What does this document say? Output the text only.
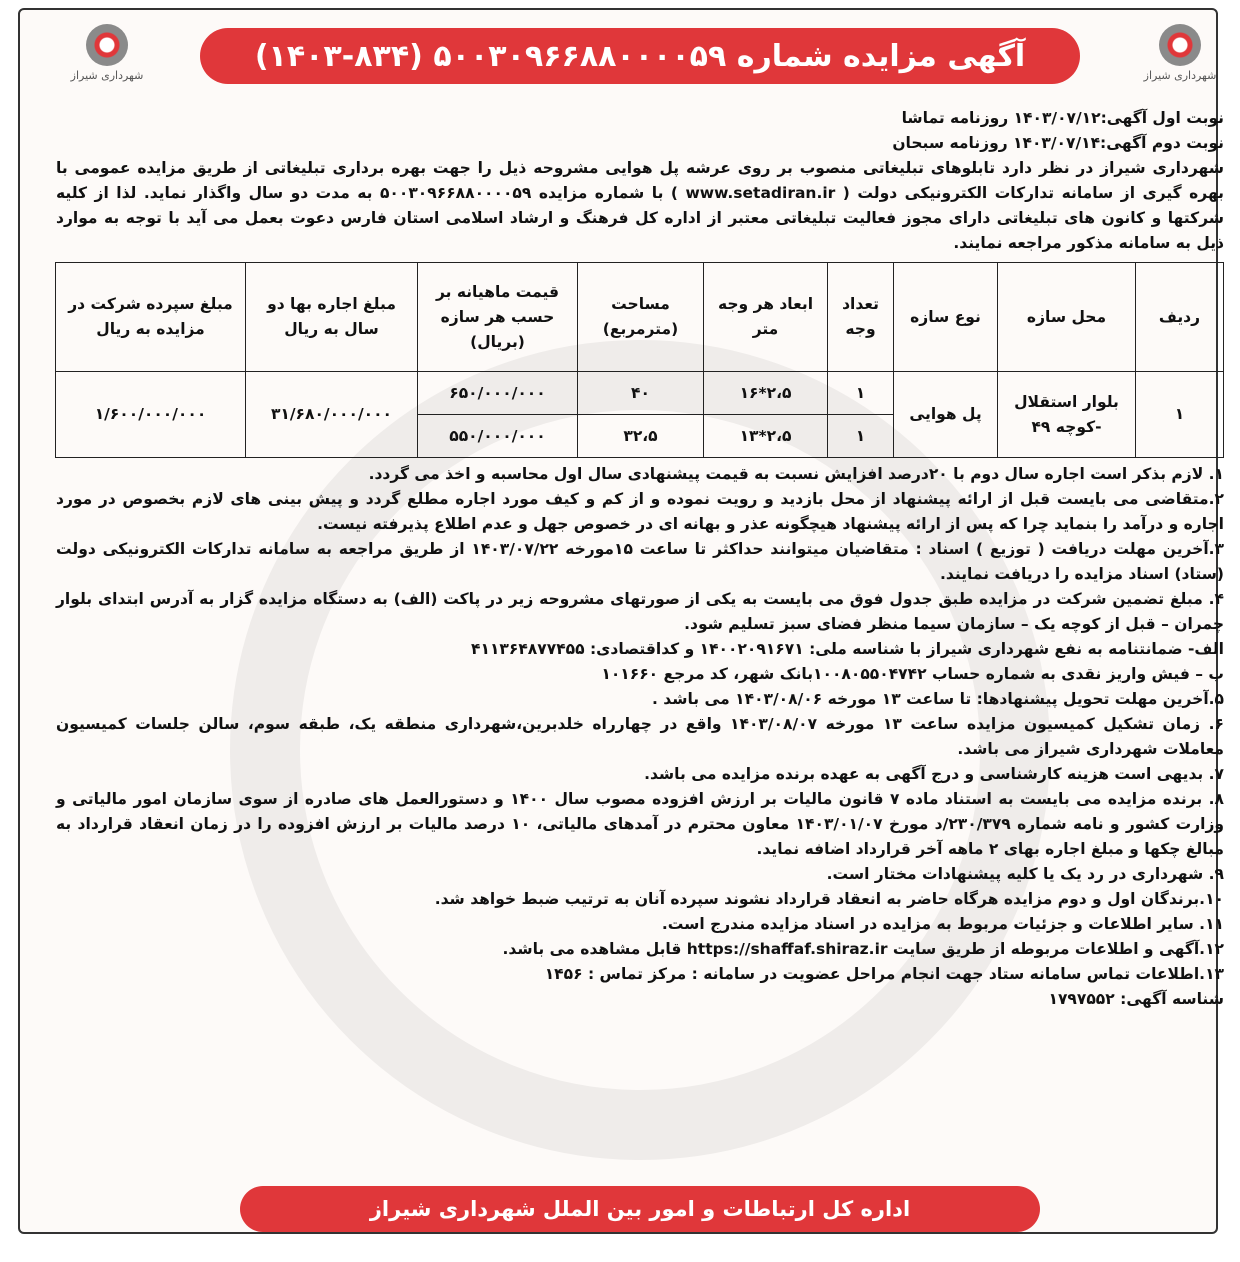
شهرداری شیراز
شهرداری شیراز
آگهی مزایده شماره ۵۰۰۳۰۹۶۶۸۸۰۰۰۰۵۹ (۸۳۴-۱۴۰۳)

نوبت اول آگهی:۱۴۰۳/۰۷/۱۲ روزنامه تماشا

نوبت دوم آگهی:۱۴۰۳/۰۷/۱۴ روزنامه سبحان

شهرداری شیراز در نظر دارد تابلوهای تبلیغاتی منصوب بر روی عرشه پل هوایی مشروحه ذیل را جهت بهره برداری تبلیغاتی از طریق مزایده عمومی با بهره گیری از سامانه تدارکات الکترونیکی دولت ( www.setadiran.ir ) با شماره مزایده ۵۰۰۳۰۹۶۶۸۸۰۰۰۰۵۹ به مدت دو سال واگذار نماید. لذا از کلیه شرکتها و کانون های تبلیغاتی دارای مجوز فعالیت تبلیغاتی معتبر از اداره کل فرهنگ و ارشاد اسلامی استان فارس دعوت بعمل می آید با توجه به موارد ذیل به سامانه مذکور مراجعه نمایند.

ردیف	محل سازه	نوع سازه	تعداد وجه	ابعاد هر وجه متر	مساحت (مترمربع)	قیمت ماهیانه بر حسب هر سازه (بریال)	مبلغ اجاره بها دو سال به ریال	مبلغ سپرده شرکت در مزایده به ریال
۱	بلوار استقلال -کوچه ۴۹	پل هوایی	۱	۲،۵*۱۶	۴۰	۶۵۰/۰۰۰/۰۰۰	۳۱/۶۸۰/۰۰۰/۰۰۰	۱/۶۰۰/۰۰۰/۰۰۰
			۱	۲،۵*۱۳	۳۲،۵	۵۵۰/۰۰۰/۰۰۰		

۱. لازم بذکر است اجاره سال دوم با ۲۰درصد افزایش نسبت به قیمت پیشنهادی سال اول محاسبه و اخذ می گردد.

۲.متقاضی می بایست قبل از ارائه پیشنهاد از محل بازدید و رویت نموده و از کم و کیف مورد اجاره مطلع گردد و پیش بینی های لازم بخصوص در مورد اجاره و درآمد را بنماید چرا که پس از ارائه پیشنهاد هیچگونه عذر و بهانه ای در خصوص جهل و عدم اطلاع پذیرفته نیست.

۳.آخرین مهلت دریافت ( توزیع ) اسناد : متقاضیان میتوانند حداکثر تا ساعت ۱۵مورخه ۱۴۰۳/۰۷/۲۲ از طریق مراجعه به سامانه تدارکات الکترونیکی دولت (ستاد) اسناد مزایده را دریافت نمایند.

۴. مبلغ تضمین شرکت در مزایده طبق جدول فوق می بایست به یکی از صورتهای مشروحه زیر در پاکت (الف) به دستگاه مزایده گزار به آدرس ابتدای بلوار چمران – قبل از کوچه یک – سازمان سیما منظر فضای سبز تسلیم شود.

الف- ضمانتنامه به نفع شهرداری شیراز با شناسه ملی: ۱۴۰۰۲۰۹۱۶۷۱ و کداقتصادی: ۴۱۱۳۶۴۸۷۷۴۵۵

ب – فیش واریز نقدی به شماره حساب ۱۰۰۸۰۵۵۰۴۷۴۲بانک شهر، کد مرجع ۱۰۱۶۶۰

۵.آخرین مهلت تحویل پیشنهادها: تا ساعت ۱۳ مورخه ۱۴۰۳/۰۸/۰۶ می باشد .

۶. زمان تشکیل کمیسیون مزایده ساعت ۱۳ مورخه ۱۴۰۳/۰۸/۰۷ واقع در چهارراه خلدبرین،شهرداری منطقه یک، طبقه سوم، سالن جلسات کمیسیون معاملات شهرداری شیراز می باشد.

۷. بدیهی است هزینه کارشناسی و درج آگهی به عهده برنده مزایده می باشد.

۸. برنده مزایده می بایست به استناد ماده ۷ قانون مالیات بر ارزش افزوده مصوب سال ۱۴۰۰ و دستورالعمل های صادره از سوی سازمان امور مالیاتی و وزارت کشور و نامه شماره ۲۳۰/۳۷۹/د مورخ ۱۴۰۳/۰۱/۰۷ معاون محترم در آمدهای مالیاتی، ۱۰ درصد مالیات بر ارزش افزوده را در زمان انعقاد قرارداد به مبالغ چکها و مبلغ اجاره بهای ۲ ماهه آخر قرارداد اضافه نماید.

۹. شهرداری در رد یک یا کلیه پیشنهادات مختار است.

۱۰.برندگان اول و دوم مزایده هرگاه حاضر به انعقاد قرارداد نشوند سپرده آنان به ترتیب ضبط خواهد شد.

۱۱. سایر اطلاعات و جزئیات مربوط به مزایده در اسناد مزایده مندرج است.

۱۲.آگهی و اطلاعات مربوطه از طریق سایت https://shaffaf.shiraz.ir قابل مشاهده می باشد.

۱۳.اطلاعات تماس سامانه ستاد جهت انجام مراحل عضویت در سامانه : مرکز تماس : ۱۴۵۶

شناسه آگهی: ۱۷۹۷۵۵۲

اداره کل ارتباطات و امور بین الملل شهرداری شیراز
